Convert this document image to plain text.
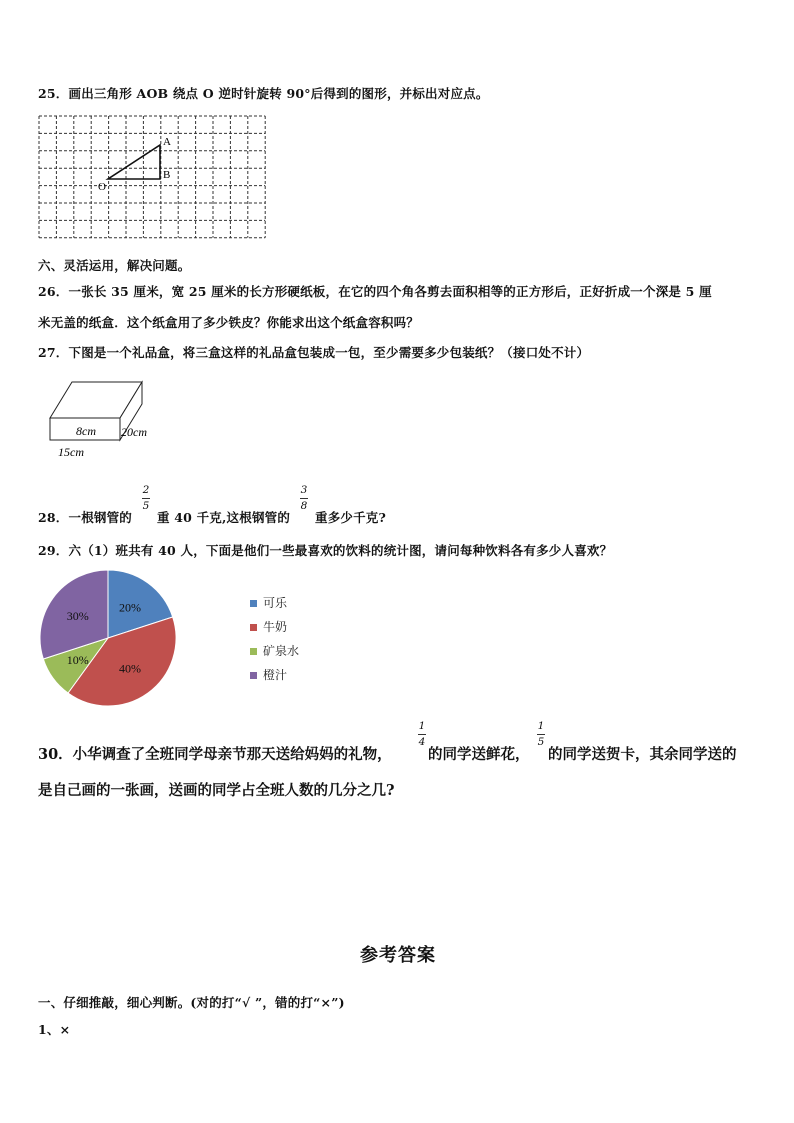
25．画出三角形 AOB 绕点 O 逆时针旋转 90°后得到的图形，并标出对应点。
A
B
O
六、灵活运用，解决问题。
26．一张长 35 厘米，宽 25 厘米的长方形硬纸板，在它的四个角各剪去面积相等的正方形后，正好折成一个深是 5 厘
米无盖的纸盒．这个纸盒用了多少铁皮？你能求出这个纸盒容积吗？
27．下图是一个礼品盒，将三盒这样的礼品盒包装成一包，至少需要多少包装纸？（接口处不计）
8cm 20cm
15cm
28．一根钢管的
2
5
重 40 千克,这根钢管的
3
8
重多少千克?
29．六（1）班共有 40 人，下面是他们一些最喜欢的饮料的统计图，请问每种饮料各有多少人喜欢？
20%
40%
10%
30%
可乐
牛奶
矿泉水
橙汁
30．小华调查了全班同学母亲节那天送给妈妈的礼物，
1
4
的同学送鲜花，
1
5
的同学送贺卡，其余同学送的
是自己画的一张画，送画的同学占全班人数的几分之几?
参考答案
一、仔细推敲，细心判断。(对的打“√ ”，错的打“×”)
1、×
